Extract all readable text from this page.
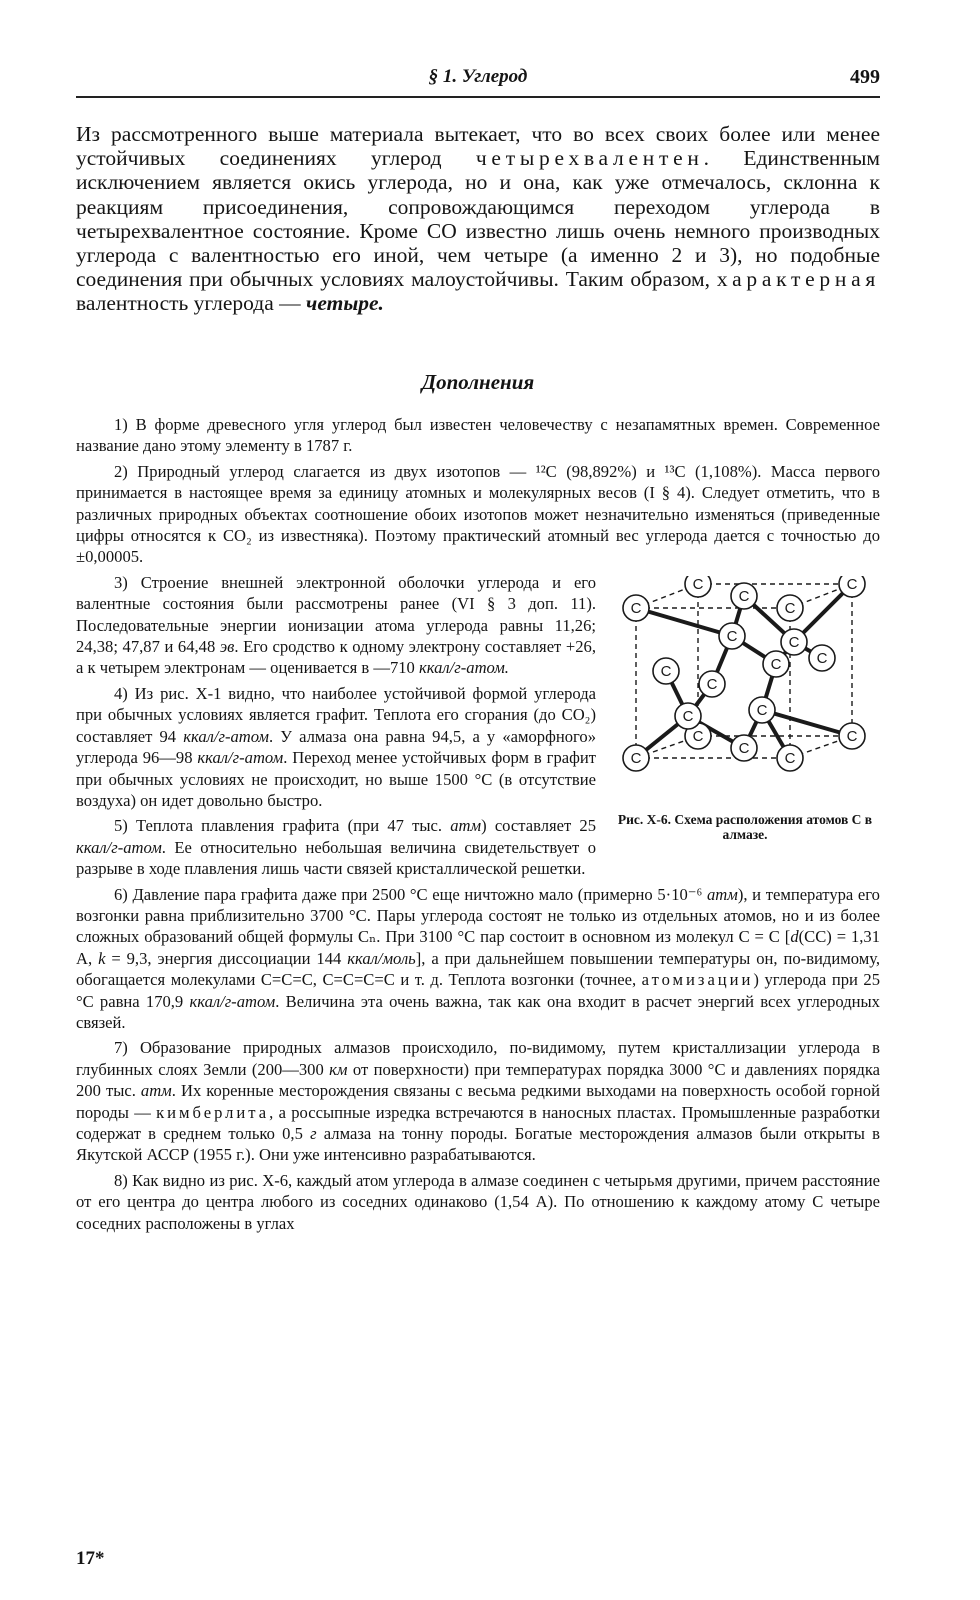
§ 1. Углерод	499

Из рассмотренного выше материала вытекает, что во всех своих более или менее устойчивых соединениях углерод четырехвалентен. Единственным исключением является окись углерода, но и она, как уже отмечалось, склонна к реакциям присоединения, сопровождающимся переходом углерода в четырехвалентное состояние. Кроме CO известно лишь очень немного производных углерода с валентностью его иной, чем четыре (а именно 2 и 3), но подобные соединения при обычных условиях малоустойчивы. Таким образом, характерная валентность углерода — четыре.

Дополнения

1) В форме древесного угля углерод был известен человечеству с незапамятных времен. Современное название дано этому элементу в 1787 г.

2) Природный углерод слагается из двух изотопов — ¹²C (98,892%) и ¹³C (1,108%). Масса первого принимается в настоящее время за единицу атомных и молекулярных весов (I § 4). Следует отметить, что в различных природных объектах соотношение обоих изотопов может незначительно изменяться (приведенные цифры относятся к CO₂ из известняка). Поэтому практический атомный вес углерода дается с точностью до ±0,00005.

C	C
C	C
C	C
C	C
C
C
C
C
C
C
C	C
C	C
Рис. X-6. Схема расположения атомов C в алмазе.

3) Строение внешней электронной оболочки углерода и его валентные состояния были рассмотрены ранее (VI § 3 доп. 11). Последовательные энергии ионизации атома углерода равны 11,26; 24,38; 47,87 и 64,48 эв. Его сродство к одному электрону составляет +26, а к четырем электронам — оценивается в —710 ккал/г-атом.

4) Из рис. X-1 видно, что наиболее устойчивой формой углерода при обычных условиях является графит. Теплота его сгорания (до CO₂) составляет 94 ккал/г-атом. У алмаза она равна 94,5, а у «аморфного» углерода 96—98 ккал/г-атом. Переход менее устойчивых форм в графит при обычных условиях не происходит, но выше 1500 °C (в отсутствие воздуха) он идет довольно быстро.

5) Теплота плавления графита (при 47 тыс. атм) составляет 25 ккал/г-атом. Ее относительно небольшая величина свидетельствует о разрыве в ходе плавления лишь части связей кристаллической решетки.

6) Давление пара графита даже при 2500 °C еще ничтожно мало (примерно 5·10⁻⁶ атм), и температура его возгонки равна приблизительно 3700 °C. Пары углерода состоят не только из отдельных атомов, но и из более сложных образований общей формулы Cₙ. При 3100 °C пар состоит в основном из молекул C = C [d(CC) = 1,31 A, k = 9,3, энергия диссоциации 144 ккал/моль], а при дальнейшем повышении температуры он, по-видимому, обогащается молекулами C=C=C, C=C=C=C и т. д. Теплота возгонки (точнее, атомизации) углерода при 25 °C равна 170,9 ккал/г-атом. Величина эта очень важна, так как она входит в расчет энергий всех углеродных связей.

7) Образование природных алмазов происходило, по-видимому, путем кристаллизации углерода в глубинных слоях Земли (200—300 км от поверхности) при температурах порядка 3000 °C и давлениях порядка 200 тыс. атм. Их коренные месторождения связаны с весьма редкими выходами на поверхность особой горной породы — кимберлита, а россыпные изредка встречаются в наносных пластах. Промышленные разработки содержат в среднем только 0,5 г алмаза на тонну породы. Богатые месторождения алмазов были открыты в Якутской АССР (1955 г.). Они уже интенсивно разрабатываются.

8) Как видно из рис. X-6, каждый атом углерода в алмазе соединен с четырьмя другими, причем расстояние от его центра до центра любого из соседних одинаково (1,54 A). По отношению к каждому атому C четыре соседних расположены в углах

17*
